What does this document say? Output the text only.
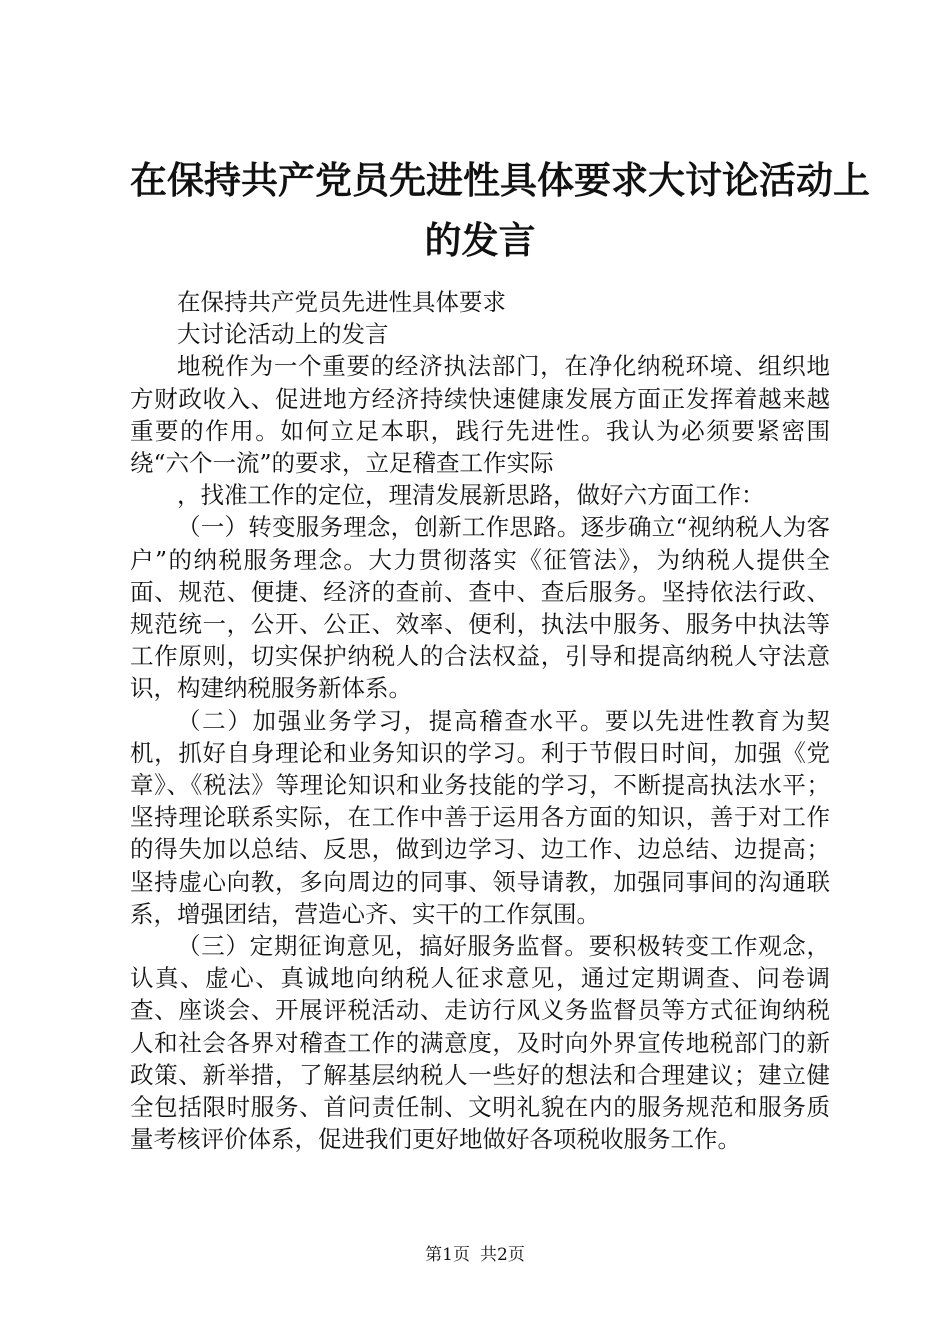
在保持共产党员先进性具体要求大讨论活动上
的发言

在保持共产党员先进性具体要求

大讨论活动上的发言

地税作为一个重要的经济执法部门，在净化纳税环境、组织地方财政收入、促进地方经济持续快速健康发展方面正发挥着越来越重要的作用。如何立足本职，践行先进性。我认为必须要紧密围绕“六个一流”的要求，立足稽查工作实际

，找准工作的定位，理清发展新思路，做好六方面工作：

（一）转变服务理念，创新工作思路。逐步确立“视纳税人为客户”的纳税服务理念。大力贯彻落实《征管法》，为纳税人提供全面、规范、便捷、经济的查前、查中、查后服务。坚持依法行政、规范统一，公开、公正、效率、便利，执法中服务、服务中执法等工作原则，切实保护纳税人的合法权益，引导和提高纳税人守法意识，构建纳税服务新体系。

（二）加强业务学习，提高稽查水平。要以先进性教育为契机，抓好自身理论和业务知识的学习。利于节假日时间，加强《党章》、《税法》等理论知识和业务技能的学习，不断提高执法水平；坚持理论联系实际，在工作中善于运用各方面的知识，善于对工作的得失加以总结、反思，做到边学习、边工作、边总结、边提高；坚持虚心向教，多向周边的同事、领导请教，加强同事间的沟通联系，增强团结，营造心齐、实干的工作氛围。

（三）定期征询意见，搞好服务监督。要积极转变工作观念，认真、虚心、真诚地向纳税人征求意见，通过定期调查、问卷调查、座谈会、开展评税活动、走访行风义务监督员等方式征询纳税人和社会各界对稽查工作的满意度，及时向外界宣传地税部门的新政策、新举措，了解基层纳税人一些好的想法和合理建议；建立健全包括限时服务、首问责任制、文明礼貌在内的服务规范和服务质量考核评价体系，促进我们更好地做好各项税收服务工作。

第1页 共2页
